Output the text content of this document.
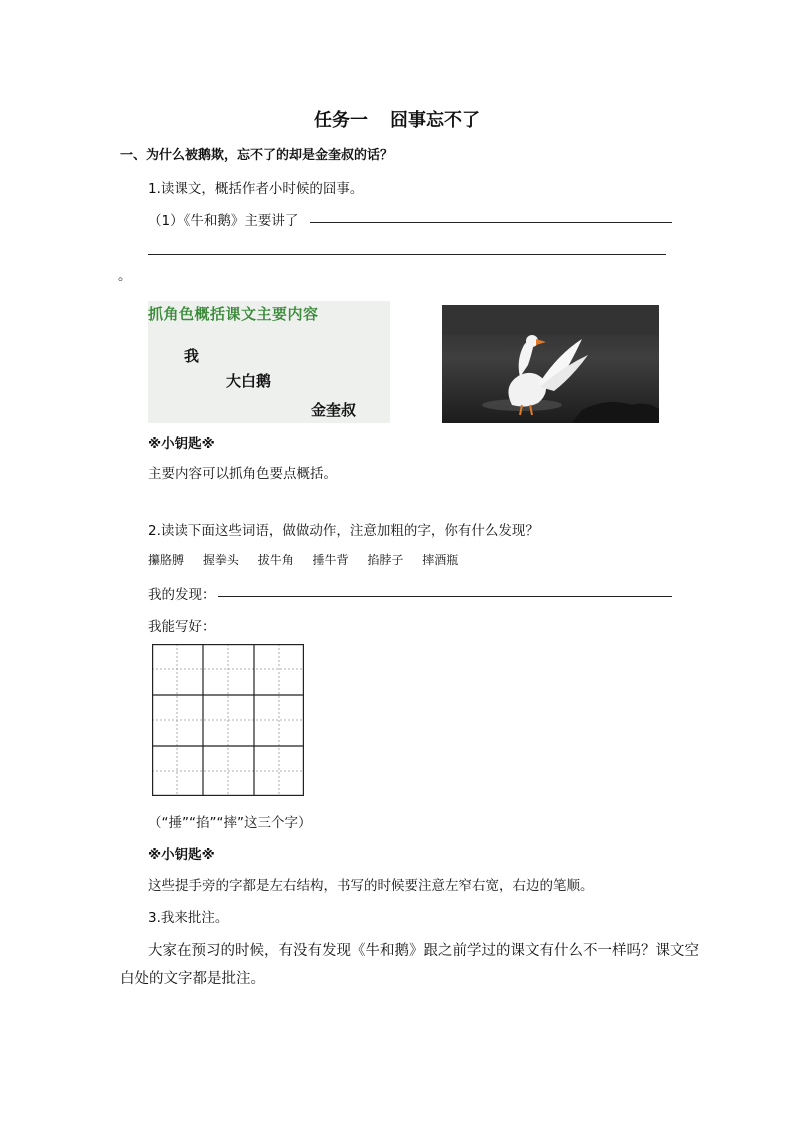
任务一 囧事忘不了
一、为什么被鹅欺，忘不了的却是金奎叔的话？
1.读课文，概括作者小时候的囧事。
（1）《牛和鹅》主要讲了
。
抓角色概括课文主要内容
我
大白鹅
金奎叔
※小钥匙※
主要内容可以抓角色要点概括。
2.读读下面这些词语，做做动作，注意加粗的字，你有什么发现？
攥胳膊 握拳头 拔牛角 捶牛背 掐脖子 摔酒瓶
我的发现：
我能写好：
（“捶”“掐”“摔”这三个字）
※小钥匙※
这些提手旁的字都是左右结构，书写的时候要注意左窄右宽，右边的笔顺。
3.我来批注。
大家在预习的时候，有没有发现《牛和鹅》跟之前学过的课文有什么不一样吗？课文空
白处的文字都是批注。
